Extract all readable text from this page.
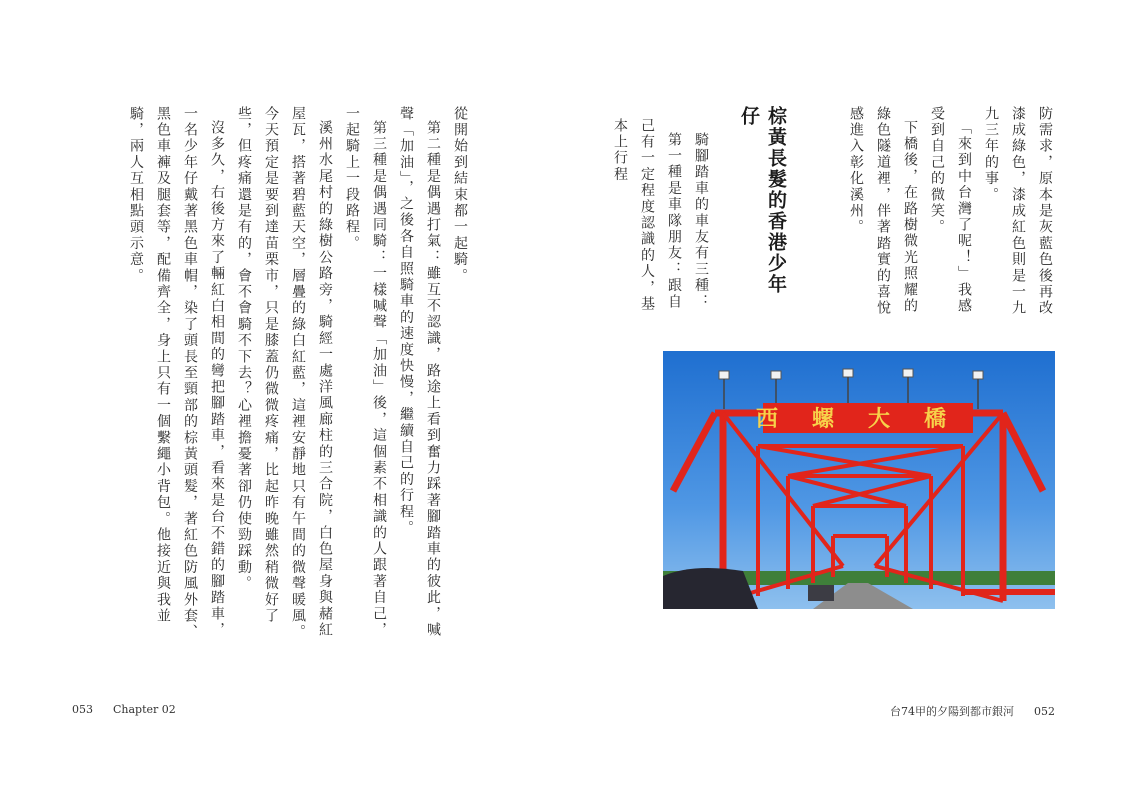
防需求，原本是灰藍色後再改漆成綠色，漆成紅色則是一九九三年的事。

「來到中台灣了呢！」我感受到自己的微笑。

下橋後，在路樹微光照耀的綠色隧道裡，伴著踏實的喜悅感進入彰化溪州。

棕黃長髮的香港少年仔

騎腳踏車的車友有三種：

第一種是車隊朋友：跟自己有一定程度認識的人，基本上行程

西螺大橋

從開始到結束都一起騎。

第二種是偶遇打氣：雖互不認識，路途上看到奮力踩著腳踏車的彼此，喊聲「加油」，之後各自照騎車的速度快慢，繼續自己的行程。

第三種是偶遇同騎：一樣喊聲「加油」後，這個素不相識的人跟著自己，一起騎上一段路程。

溪州水尾村的綠樹公路旁，騎經一處洋風廊柱的三合院，白色屋身與赭紅屋瓦，搭著碧藍天空，層疊的綠白紅藍，這裡安靜地只有午間的微聲暖風。今天預定是要到達苗栗市，只是膝蓋仍微微疼痛，比起昨晚雖然稍微好了些，但疼痛還是有的，會不會騎不下去？心裡擔憂著卻仍使勁踩動。

沒多久，右後方來了輛紅白相間的彎把腳踏車，看來是台不錯的腳踏車，一名少年仔戴著黑色車帽，染了頭長至頸部的棕黃頭髮，著紅色防風外套、黑色車褲及腿套等，配備齊全，身上只有一個繫繩小背包。他接近與我並騎，兩人互相點頭示意。

053 Chapter 02	台74甲的夕陽到都市銀河 052
